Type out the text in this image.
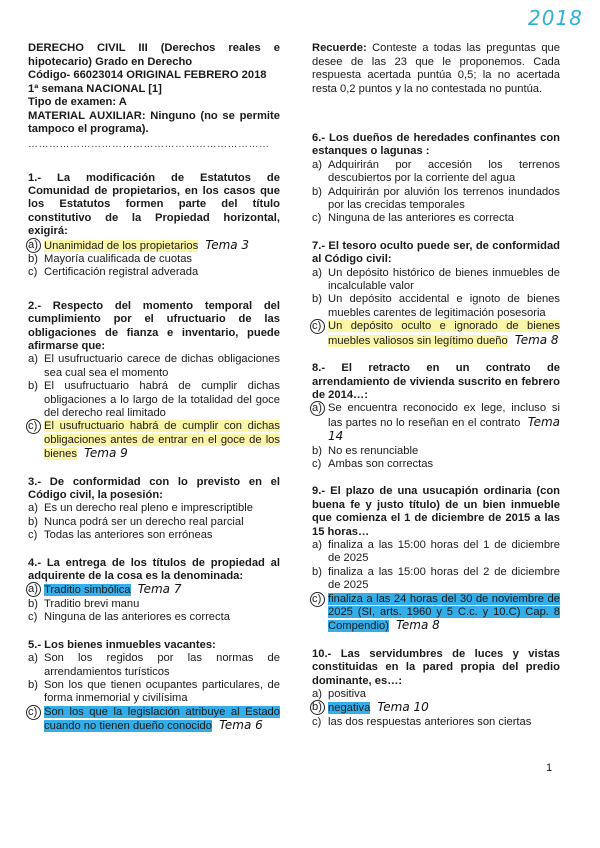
2018
DERECHO CIVIL III (Derechos reales e hipotecario) Grado en Derecho
Código- 66023014 ORIGINAL FEBRERO 2018
1ª semana NACIONAL [1]
Tipo de examen: A
MATERIAL AUXILIAR: Ninguno (no se permite tampoco el programa).
……………………………………………………………
1.- La modificación de Estatutos de Comunidad de propietarios, en los casos que los Estatutos formen parte del título constitutivo de la Propiedad horizontal, exigirá:
a) Unanimidad de los propietarios Tema 3
b) Mayoría cualificada de cuotas
c) Certificación registral adverada
2.- Respecto del momento temporal del cumplimiento por el ufructuario de las obligaciones de fianza e inventario, puede afirmarse que:
a) El usufructuario carece de dichas obligaciones sea cual sea el momento
b) El usufructuario habrá de cumplir dichas obligaciones a lo largo de la totalidad del goce del derecho real limitado
c) El usufructuario habrá de cumplir con dichas obligaciones antes de entrar en el goce de los bienes Tema 9
3.- De conformidad con lo previsto en el Código civil, la posesión:
a) Es un derecho real pleno e imprescriptible
b) Nunca podrá ser un derecho real parcial
c) Todas las anteriores son erróneas
4.- La entrega de los títulos de propiedad al adquirente de la cosa es la denominada:
a) Traditio simbólica Tema 7
b) Traditio brevi manu
c) Ninguna de las anteriores es correcta
5.- Los bienes inmuebles vacantes:
a) Son los regidos por las normas de arrendamientos turísticos
b) Son los que tienen ocupantes particulares, de forma inmemorial y civilísima
c) Son los que la legislación atribuye al Estado cuando no tienen dueño conocido Tema 6
Recuerde: Conteste a todas las preguntas que desee de las 23 que le proponemos. Cada respuesta acertada puntúa 0,5; la no acertada resta 0,2 puntos y la no contestada no puntúa.
6.- Los dueños de heredades confinantes con estanques o lagunas :
a) Adquirirán por accesión los terrenos descubiertos por la corriente del agua
b) Adquirirán por aluvión los terrenos inundados por las crecidas temporales
c) Ninguna de las anteriores es correcta
7.- El tesoro oculto puede ser, de conformidad al Código civil:
a) Un depósito histórico de bienes inmuebles de incalculable valor
b) Un depósito accidental e ignoto de bienes muebles carentes de legitimación posesoria
c) Un depósito oculto e ignorado de bienes muebles valiosos sin legítimo dueño Tema 8
8.- El retracto en un contrato de arrendamiento de vivienda suscrito en febrero de 2014…:
a) Se encuentra reconocido ex lege, incluso si las partes no lo reseñan en el contrato Tema 14
b) No es renunciable
c) Ambas son correctas
9.- El plazo de una usucapión ordinaria (con buena fe y justo título) de un bien inmueble que comienza el 1 de diciembre de 2015 a las 15 horas…
a) finaliza a las 15:00 horas del 1 de diciembre de 2025
b) finaliza a las 15:00 horas del 2 de diciembre de 2025
c) finaliza a las 24 horas del 30 de noviembre de 2025 (SI, arts. 1960 y 5 C.c. y 10.C) Cap. 8 Compendio) Tema 8
10.- Las servidumbres de luces y vistas constituidas en la pared propia del predio dominante, es…:
a) positiva
b) negativa Tema 10
c) las dos respuestas anteriores son ciertas
1
